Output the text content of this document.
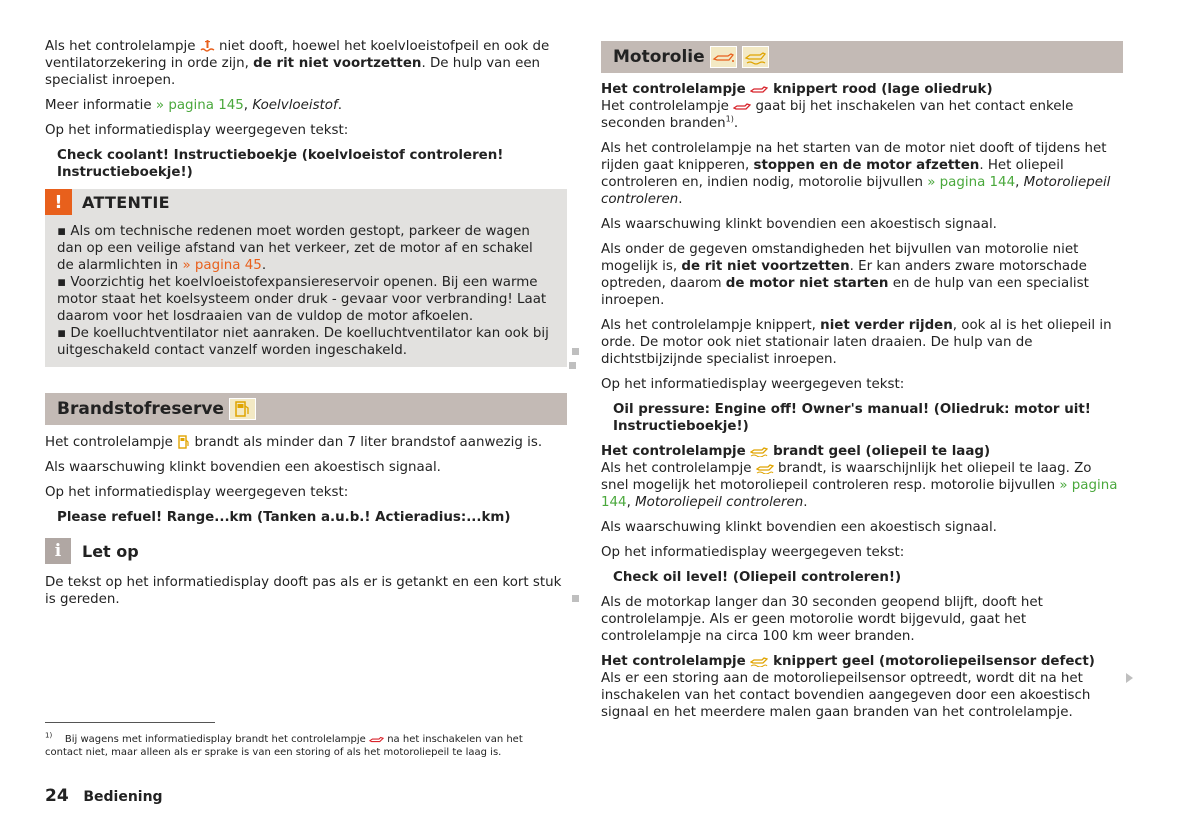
Als het controlelampje niet dooft, hoewel het koelvloeistofpeil en ook de ventilatorzekering in orde zijn, de rit niet voortzetten. De hulp van een specialist inroepen.

Meer informatie » pagina 145, Koelvloeistof.

Op het informatiedisplay weergegeven tekst:

Check coolant! Instructieboekje (koelvloeistof controleren! Instructieboekje!)

!	ATTENTIE

▪ Als om technische redenen moet worden gestopt, parkeer de wagen dan op een veilige afstand van het verkeer, zet de motor af en schakel de alarmlichten in » pagina 45.

▪ Voorzichtig het koelvloeistofexpansiereservoir openen. Bij een warme motor staat het koelsysteem onder druk - gevaar voor verbranding! Laat daarom voor het losdraaien van de vuldop de motor afkoelen.

▪ De koelluchtventilator niet aanraken. De koelluchtventilator kan ook bij uitgeschakeld contact vanzelf worden ingeschakeld.

Brandstofreserve

Het controlelampje brandt als minder dan 7 liter brandstof aanwezig is.

Als waarschuwing klinkt bovendien een akoestisch signaal.

Op het informatiedisplay weergegeven tekst:

Please refuel! Range...km (Tanken a.u.b.! Actieradius:...km)

i	Let op

De tekst op het informatiedisplay dooft pas als er is getankt en een kort stuk is gereden.

Motorolie

Het controlelampje knippert rood (lage oliedruk)

Het controlelampje gaat bij het inschakelen van het contact enkele seconden branden$^{1)}$.

Als het controlelampje na het starten van de motor niet dooft of tijdens het rijden gaat knipperen, stoppen en de motor afzetten. Het oliepeil controleren en, indien nodig, motorolie bijvullen » pagina 144, Motoroliepeil controleren.

Als waarschuwing klinkt bovendien een akoestisch signaal.

Als onder de gegeven omstandigheden het bijvullen van motorolie niet mogelijk is, de rit niet voortzetten. Er kan anders zware motorschade optreden, daarom de motor niet starten en de hulp van een specialist inroepen.

Als het controlelampje knippert, niet verder rijden, ook al is het oliepeil in orde. De motor ook niet stationair laten draaien. De hulp van de dichtstbijzijnde specialist inroepen.

Op het informatiedisplay weergegeven tekst:

Oil pressure: Engine off! Owner's manual! (Oliedruk: motor uit! Instructieboekje!)

Het controlelampje brandt geel (oliepeil te laag)

Als het controlelampje brandt, is waarschijnlijk het oliepeil te laag. Zo snel mogelijk het motoroliepeil controleren resp. motorolie bijvullen » pagina 144, Motoroliepeil controleren.

Als waarschuwing klinkt bovendien een akoestisch signaal.

Op het informatiedisplay weergegeven tekst:

Check oil level! (Oliepeil controleren!)

Als de motorkap langer dan 30 seconden geopend blijft, dooft het controlelampje. Als er geen motorolie wordt bijgevuld, gaat het controlelampje na circa 100 km weer branden.

Het controlelampje knippert geel (motoroliepeilsensor defect)

Als er een storing aan de motoroliepeilsensor optreedt, wordt dit na het inschakelen van het contact bovendien aangegeven door een akoestisch signaal en het meerdere malen gaan branden van het controlelampje.

$^{1)}$ Bij wagens met informatiedisplay brandt het controlelampje na het inschakelen van het contact niet, maar alleen als er sprake is van een storing of als het motoroliepeil te laag is.
24 Bediening
